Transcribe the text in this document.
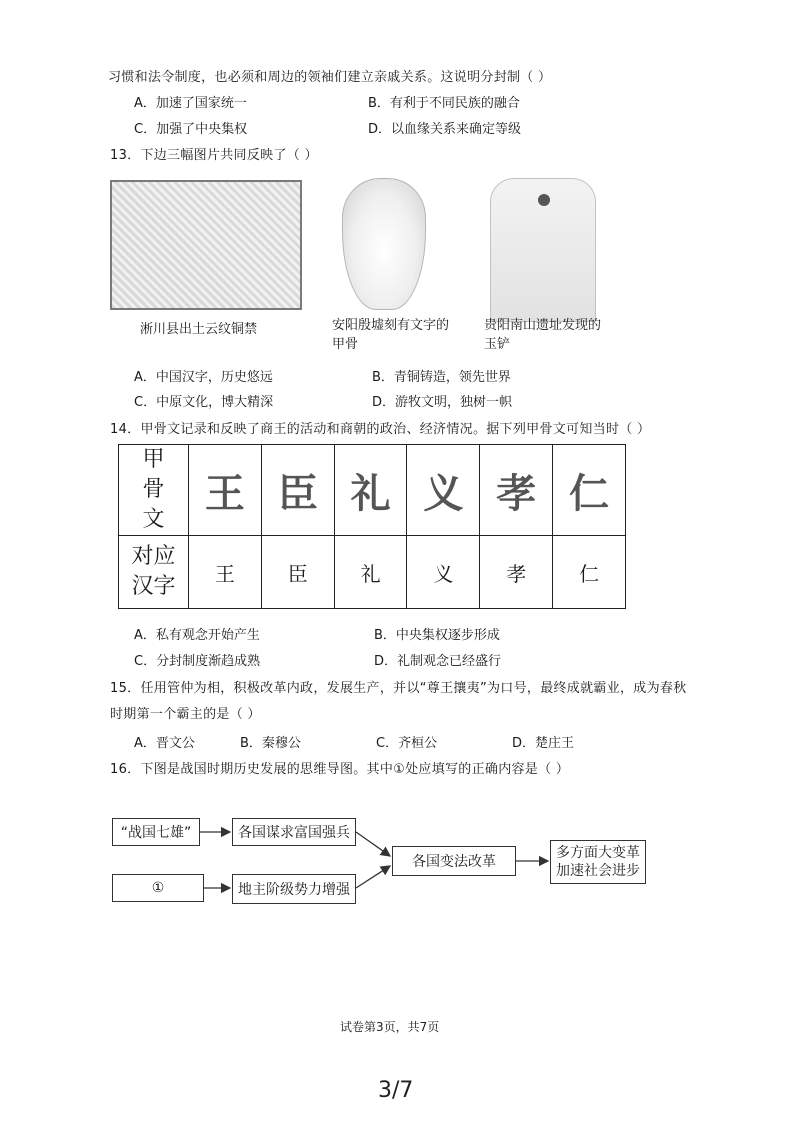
习惯和法令制度，也必须和周边的领袖们建立亲戚关系。这说明分封制（ ）
A．加速了国家统一	B．有利于不同民族的融合
C．加强了中央集权	D．以血缘关系来确定等级
13．下边三幅图片共同反映了（ ）
淅川县出土云纹铜禁	安阳殷墟刻有文字的甲骨
贵阳南山遗址发现的玉铲
A．中国汉字，历史悠远	B．青铜铸造，领先世界
C．中原文化，博大精深	D．游牧文明，独树一帜
14．甲骨文记录和反映了商王的活动和商朝的政治、经济情况。据下列甲骨文可知当时（ ）
甲骨文	王	臣	礼	义	孝	仁

对应汉字	王	臣	礼	义	孝	仁
A．私有观念开始产生	B．中央集权逐步形成
C．分封制度渐趋成熟	D．礼制观念已经盛行
15．任用管仲为相，积极改革内政，发展生产，并以“尊王攘夷”为口号，最终成就霸业，成为春秋
时期第一个霸主的是（ ）
A．晋文公	B．秦穆公	C．齐桓公	D．楚庄王
16．下图是战国时期历史发展的思维导图。其中①处应填写的正确内容是（ ）
“战国七雄”	各国谋求富国强兵
①	地主阶级势力增强
各国变法改革
多方面大变革加速社会进步
试卷第3页，共7页
3/7
